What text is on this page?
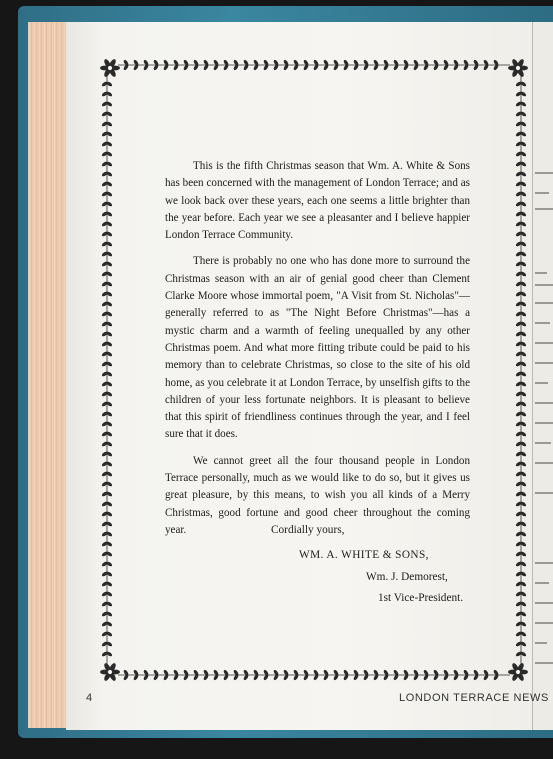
This is the fifth Christmas season that Wm. A. White & Sons has been concerned with the management of London Terrace; and as we look back over these years, each one seems a little brighter than the year before. Each year we see a pleasanter and I believe happier London Terrace Community.

There is probably no one who has done more to surround the Christmas season with an air of genial good cheer than Clement Clarke Moore whose immortal poem, "A Visit from St. Nicholas"—generally referred to as "The Night Before Christmas"—has a mystic charm and a warmth of feeling unequalled by any other Christmas poem. And what more fitting tribute could be paid to his memory than to celebrate Christmas, so close to the site of his old home, as you celebrate it at London Terrace, by unselfish gifts to the children of your less fortunate neighbors. It is pleasant to believe that this spirit of friendliness continues through the year, and I feel sure that it does.

We cannot greet all the four thousand people in London Terrace personally, much as we would like to do so, but it gives us great pleasure, by this means, to wish you all kinds of a Merry Christmas, good fortune and good cheer throughout the coming year.	Cordially yours,
WM. A. WHITE & SONS,
Wm. J. Demorest,
1st Vice-President.
4	LONDON TERRACE NEWS
